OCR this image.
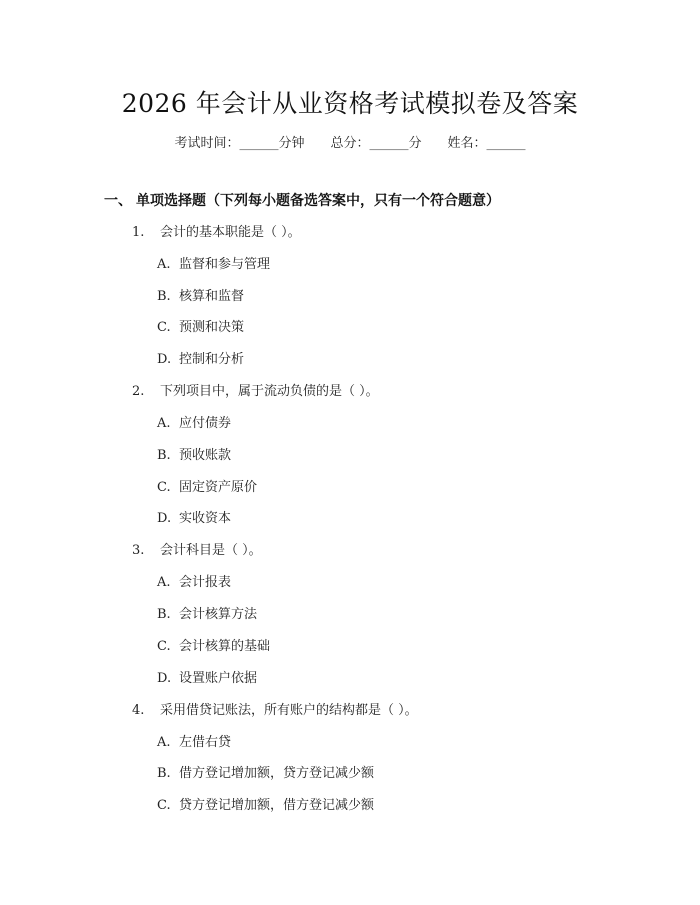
2026 年会计从业资格考试模拟卷及答案
考试时间：______分钟 总分：______分 姓名：______
一、 单项选择题（下列每小题备选答案中，只有一个符合题意）
1. 会计的基本职能是（ ）。
A. 监督和参与管理
B. 核算和监督
C. 预测和决策
D. 控制和分析
2. 下列项目中，属于流动负债的是（ ）。
A. 应付债券
B. 预收账款
C. 固定资产原价
D. 实收资本
3. 会计科目是（ ）。
A. 会计报表
B. 会计核算方法
C. 会计核算的基础
D. 设置账户依据
4. 采用借贷记账法，所有账户的结构都是（ ）。
A. 左借右贷
B. 借方登记增加额，贷方登记减少额
C. 贷方登记增加额，借方登记减少额
